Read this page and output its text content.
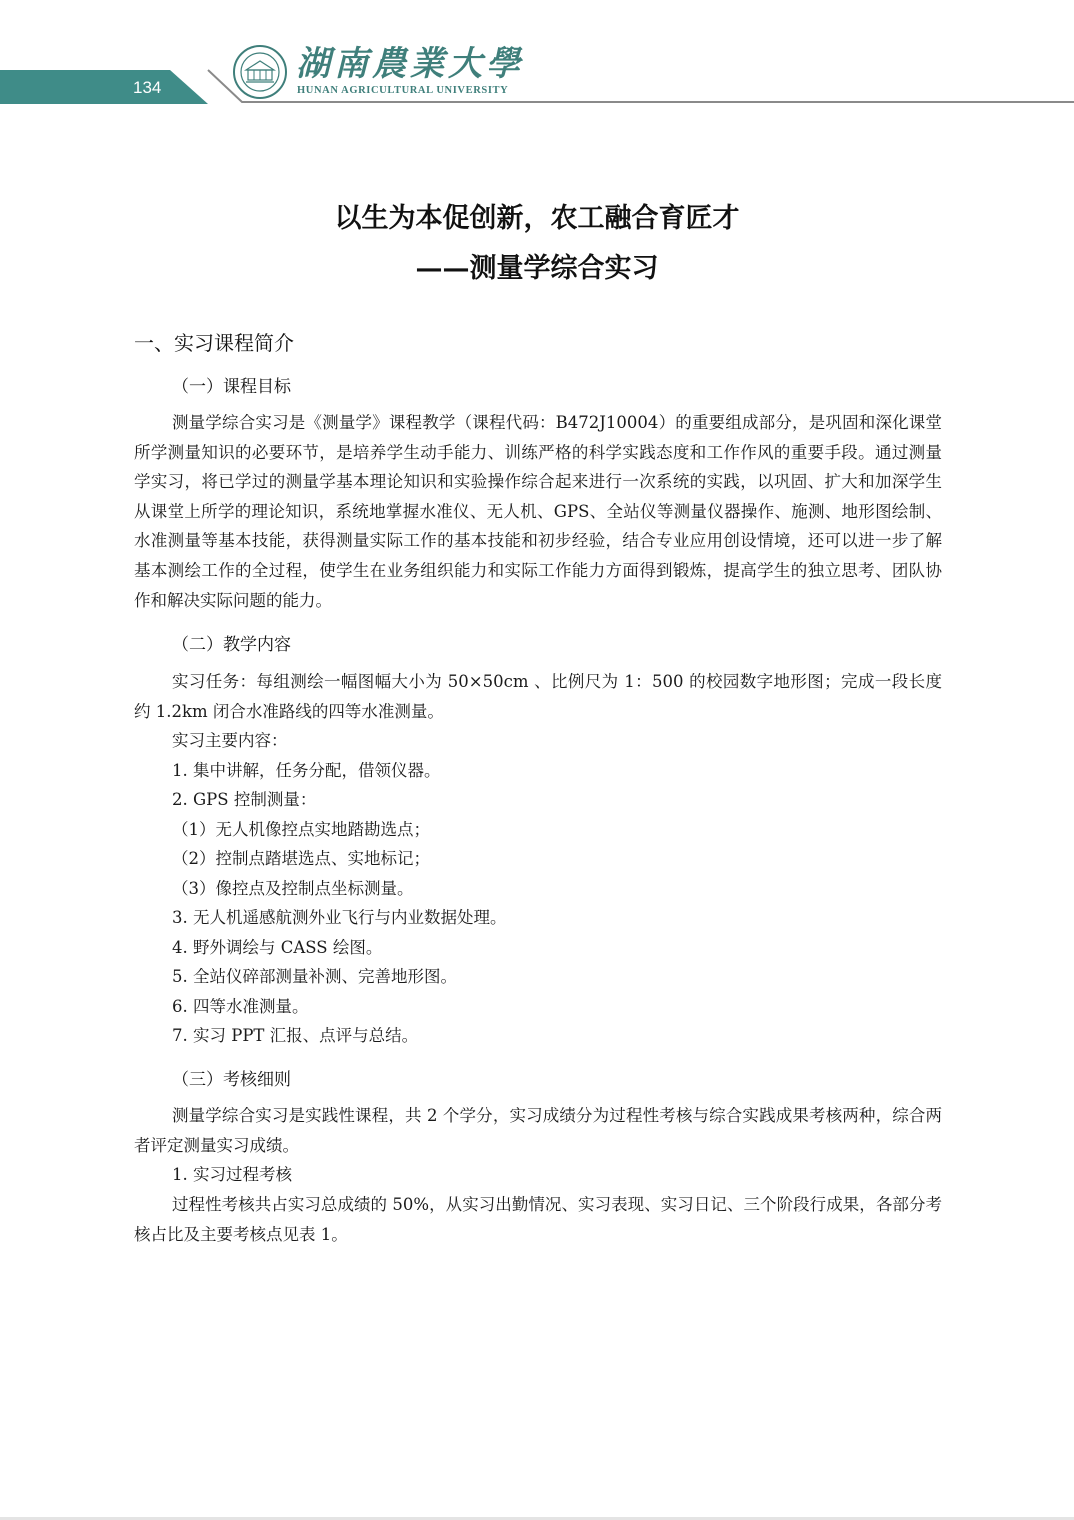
134
湖南農業大學
HUNAN AGRICULTURAL UNIVERSITY
以生为本促创新，农工融合育匠才
——测量学综合实习
一、实习课程简介
（一）课程目标

测量学综合实习是《测量学》课程教学（课程代码：B472J10004）的重要组成部分，是巩固和深化课堂所学测量知识的必要环节，是培养学生动手能力、训练严格的科学实践态度和工作作风的重要手段。通过测量学实习，将已学过的测量学基本理论知识和实验操作综合起来进行一次系统的实践，以巩固、扩大和加深学生从课堂上所学的理论知识，系统地掌握水准仪、无人机、GPS、全站仪等测量仪器操作、施测、地形图绘制、水准测量等基本技能，获得测量实际工作的基本技能和初步经验，结合专业应用创设情境，还可以进一步了解基本测绘工作的全过程，使学生在业务组织能力和实际工作能力方面得到锻炼，提高学生的独立思考、团队协作和解决实际问题的能力。

（二）教学内容

实习任务：每组测绘一幅图幅大小为 50×50cm 、比例尺为 1：500 的校园数字地形图；完成一段长度约 1.2km 闭合水准路线的四等水准测量。

实习主要内容：
1. 集中讲解，任务分配，借领仪器。
2. GPS 控制测量：
（1）无人机像控点实地踏勘选点；
（2）控制点踏堪选点、实地标记；
（3）像控点及控制点坐标测量。
3. 无人机遥感航测外业飞行与内业数据处理。
4. 野外调绘与 CASS 绘图。
5. 全站仪碎部测量补测、完善地形图。
6. 四等水准测量。
7. 实习 PPT 汇报、点评与总结。
（三）考核细则

测量学综合实习是实践性课程，共 2 个学分，实习成绩分为过程性考核与综合实践成果考核两种，综合两者评定测量实习成绩。

1. 实习过程考核

过程性考核共占实习总成绩的 50%，从实习出勤情况、实习表现、实习日记、三个阶段行成果，各部分考核占比及主要考核点见表 1。
